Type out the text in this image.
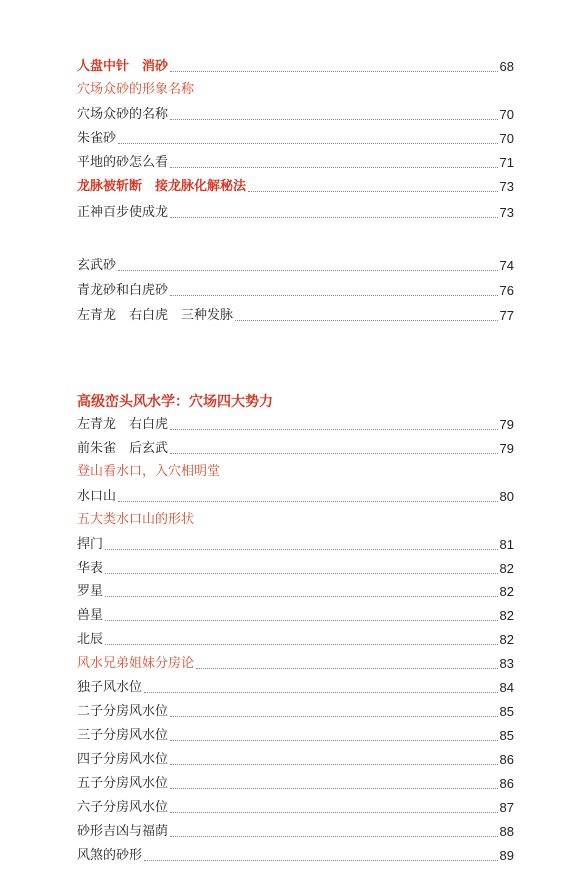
人盘中针　消砂	68
穴场众砂的形象名称
穴场众砂的名称	70
朱雀砂	70
平地的砂怎么看	71
龙脉被斩断　接龙脉化解秘法	73
正神百步使成龙	73
玄武砂	74
青龙砂和白虎砂	76
左青龙　右白虎　三种发脉	77
高级峦头风水学：穴场四大势力
左青龙　右白虎	79
前朱雀　后玄武	79
登山看水口，入穴相明堂
水口山	80
五大类水口山的形状
捍门	81
华表	82
罗星	82
兽星	82
北辰	82
风水兄弟姐妹分房论	83
独子风水位	84
二子分房风水位	85
三子分房风水位	85
四子分房风水位	86
五子分房风水位	86
六子分房风水位	87
砂形吉凶与福荫	88
风煞的砂形	89
